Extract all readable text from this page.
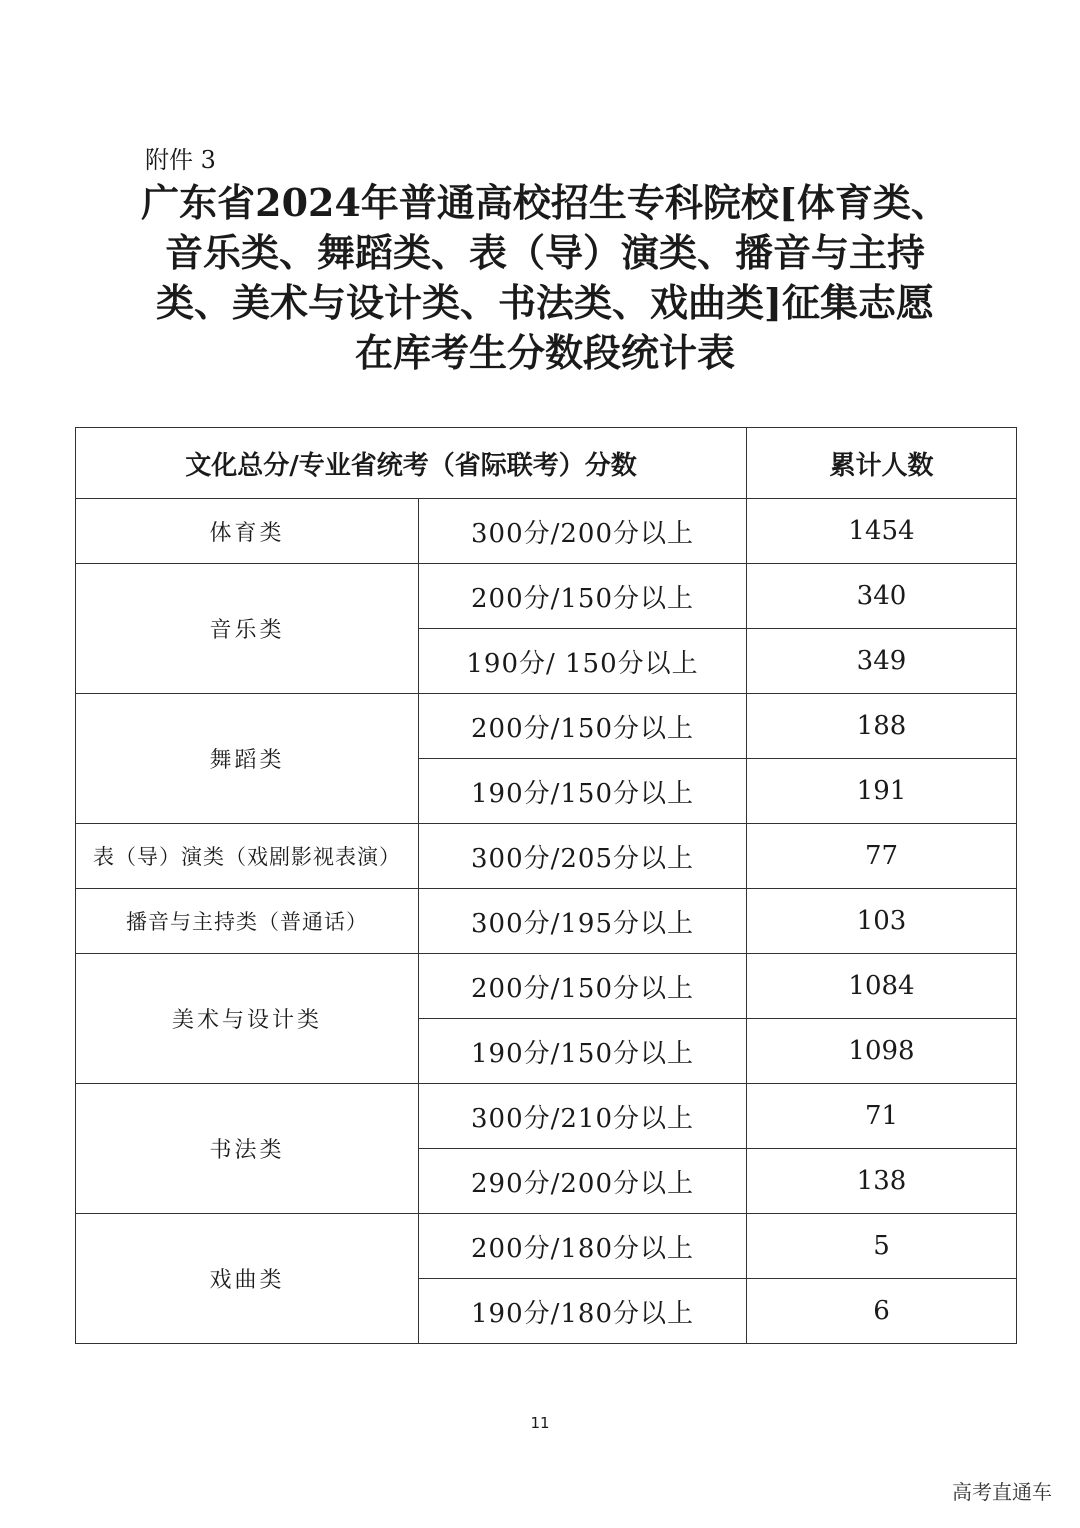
附件 3
广东省2024年普通高校招生专科院校[体育类、
音乐类、舞蹈类、表（导）演类、播音与主持
类、美术与设计类、书法类、戏曲类]征集志愿
在库考生分数段统计表
文化总分/专业省统考（省际联考）分数		累计人数
体育类	300分/200分以上	1454
音乐类	200分/150分以上	340
	190分/ 150分以上	349
舞蹈类	200分/150分以上	188
	190分/150分以上	191
表（导）演类（戏剧影视表演）	300分/205分以上	77
播音与主持类（普通话）	300分/195分以上	103
美术与设计类	200分/150分以上	1084
	190分/150分以上	1098
书法类	300分/210分以上	71
	290分/200分以上	138
戏曲类	200分/180分以上	5
	190分/180分以上	6
11
高考直通车
